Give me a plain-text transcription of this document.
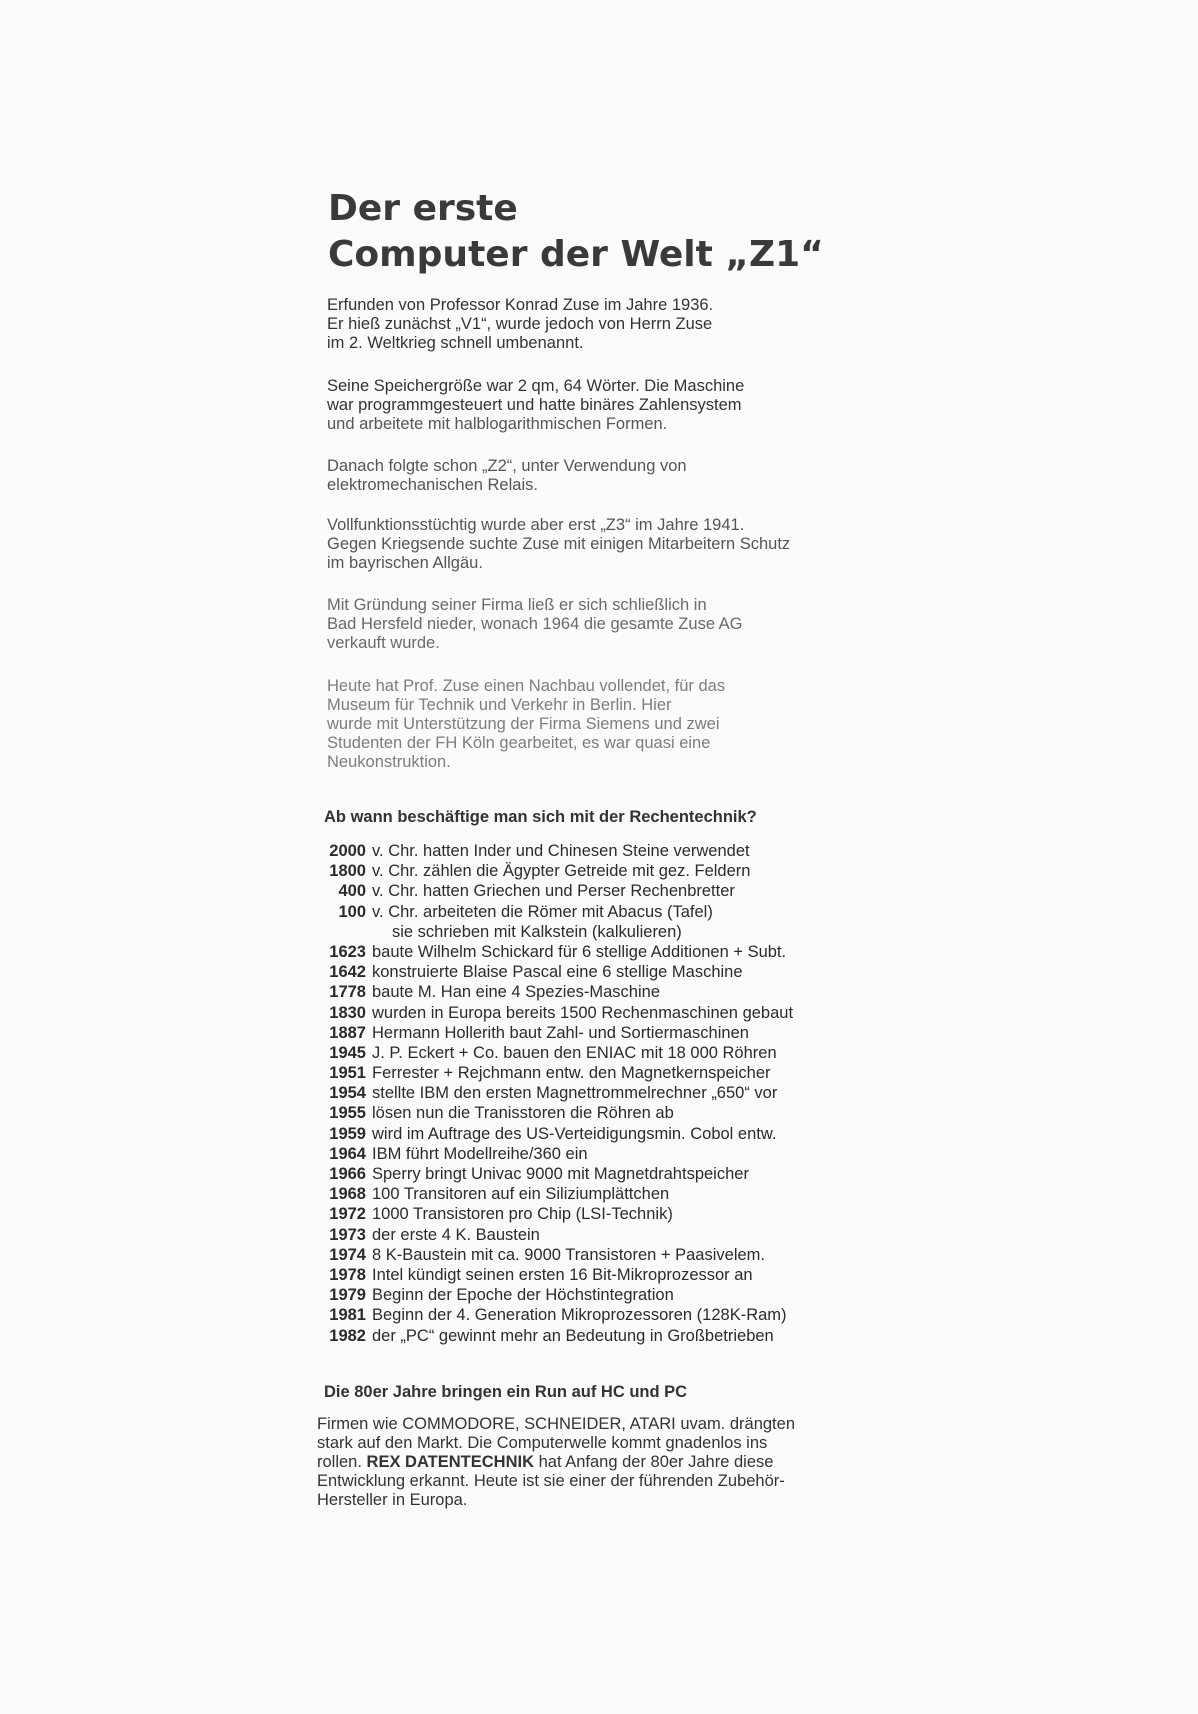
Der erste
Computer der Welt „Z1“

Erfunden von Professor Konrad Zuse im Jahre 1936.
Er hieß zunächst „V1“, wurde jedoch von Herrn Zuse
im 2. Weltkrieg schnell umbenannt.

Seine Speichergröße war 2 qm, 64 Wörter. Die Maschine
war programmgesteuert und hatte binäres Zahlensystem
und arbeitete mit halblogarithmischen Formen.

Danach folgte schon „Z2“, unter Verwendung von
elektromechanischen Relais.

Vollfunktionsstüchtig wurde aber erst „Z3“ im Jahre 1941.
Gegen Kriegsende suchte Zuse mit einigen Mitarbeitern Schutz
im bayrischen Allgäu.

Mit Gründung seiner Firma ließ er sich schließlich in
Bad Hersfeld nieder, wonach 1964 die gesamte Zuse AG
verkauft wurde.

Heute hat Prof. Zuse einen Nachbau vollendet, für das
Museum für Technik und Verkehr in Berlin. Hier
wurde mit Unterstützung der Firma Siemens und zwei
Studenten der FH Köln gearbeitet, es war quasi eine
Neukonstruktion.

Ab wann beschäftige man sich mit der Rechentechnik?
2000 v. Chr. hatten Inder und Chinesen Steine verwendet
1800 v. Chr. zählen die Ägypter Getreide mit gez. Feldern
400 v. Chr. hatten Griechen und Perser Rechenbretter
100 v. Chr. arbeiteten die Römer mit Abacus (Tafel)
sie schrieben mit Kalkstein (kalkulieren)
1623 baute Wilhelm Schickard für 6 stellige Additionen + Subt.
1642 konstruierte Blaise Pascal eine 6 stellige Maschine
1778 baute M. Han eine 4 Spezies-Maschine
1830 wurden in Europa bereits 1500 Rechenmaschinen gebaut
1887 Hermann Hollerith baut Zahl- und Sortiermaschinen
1945 J. P. Eckert + Co. bauen den ENIAC mit 18 000 Röhren
1951 Ferrester + Rejchmann entw. den Magnetkernspeicher
1954 stellte IBM den ersten Magnettrommelrechner „650“ vor
1955 lösen nun die Tranisstoren die Röhren ab
1959 wird im Auftrage des US-Verteidigungsmin. Cobol entw.
1964 IBM führt Modellreihe/360 ein
1966 Sperry bringt Univac 9000 mit Magnetdrahtspeicher
1968 100 Transitoren auf ein Siliziumplättchen
1972 1000 Transistoren pro Chip (LSI-Technik)
1973 der erste 4 K. Baustein
1974 8 K-Baustein mit ca. 9000 Transistoren + Paasivelem.
1978 Intel kündigt seinen ersten 16 Bit-Mikroprozessor an
1979 Beginn der Epoche der Höchstintegration
1981 Beginn der 4. Generation Mikroprozessoren (128K-Ram)
1982 der „PC“ gewinnt mehr an Bedeutung in Großbetrieben
Die 80er Jahre bringen ein Run auf HC und PC

Firmen wie COMMODORE, SCHNEIDER, ATARI uvam. drängten
stark auf den Markt. Die Computerwelle kommt gnadenlos ins
rollen. REX DATENTECHNIK hat Anfang der 80er Jahre diese
Entwicklung erkannt. Heute ist sie einer der führenden Zubehör-
Hersteller in Europa.
